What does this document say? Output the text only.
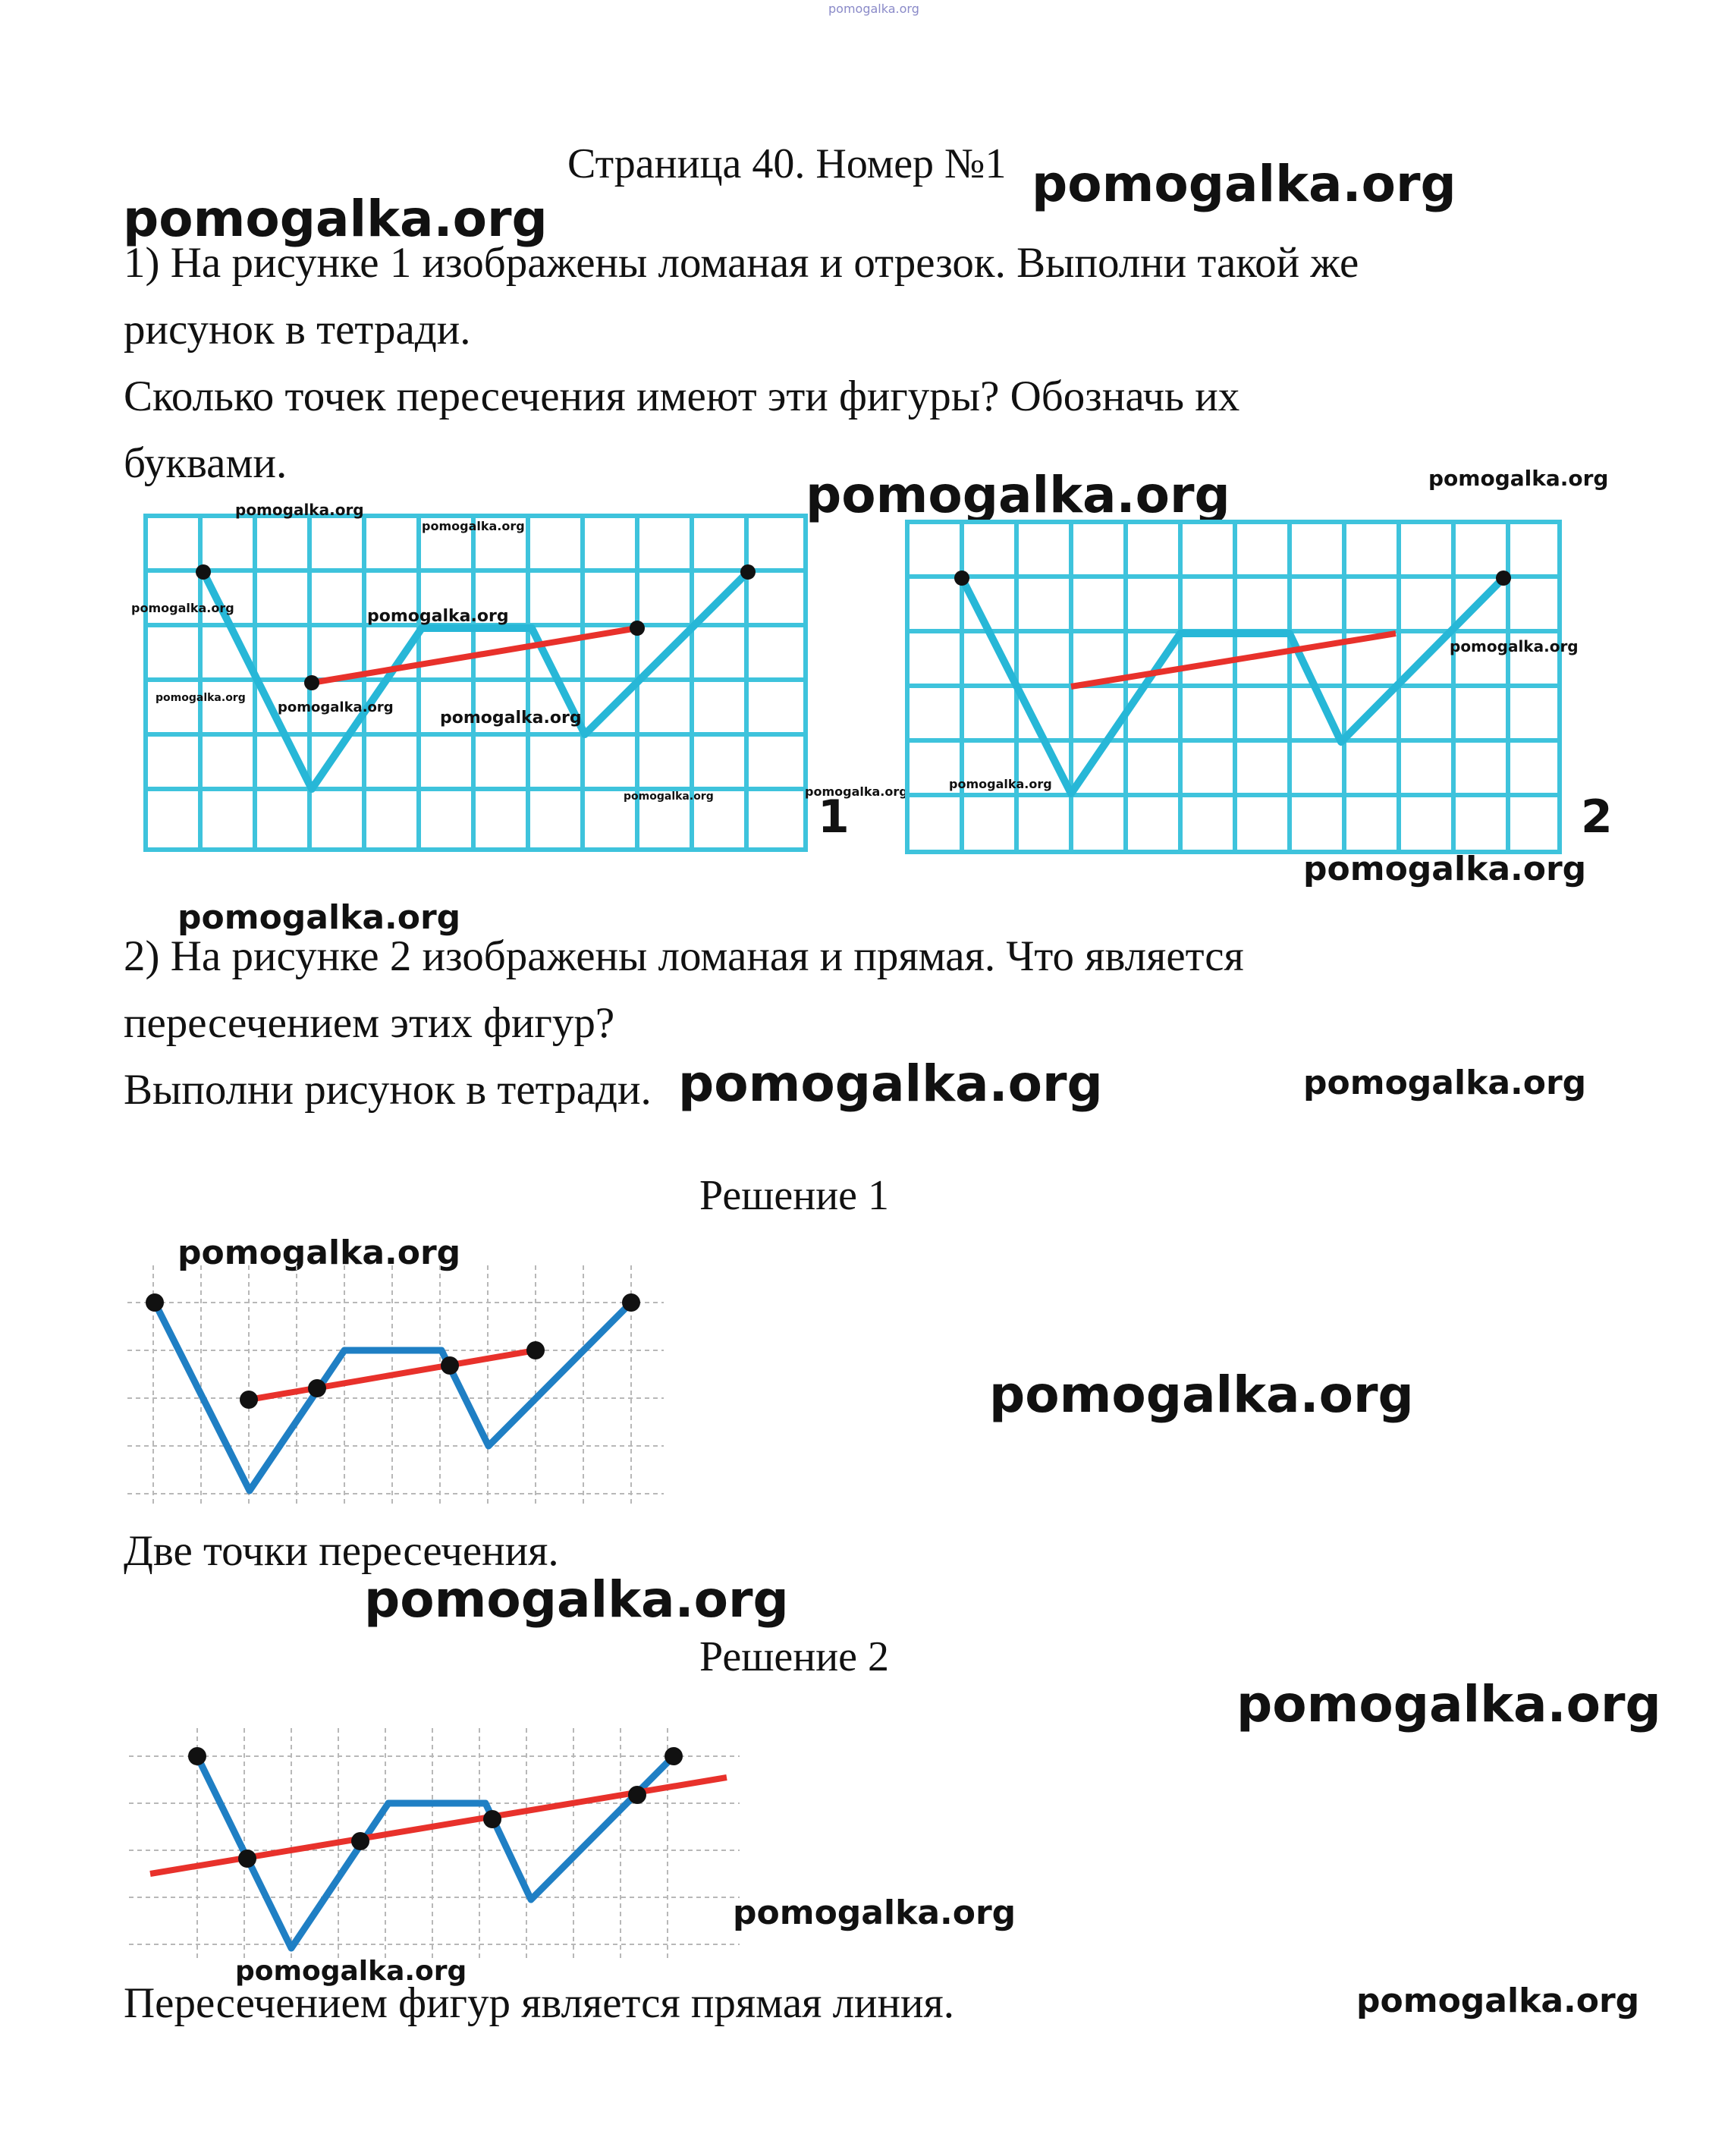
pomogalka.org
Страница 40. Номер №1 pomogalka.org
pomogalka.org
1) На рисунке 1 изображены ломаная и отрезок. Выполни такой же
рисунок в тетради.
Сколько точек пересечения имеют эти фигуры? Обозначь их
буквами.
pomogalka.org	pomogalka.org
1
pomogalka.org
pomogalka.org
pomogalka.org	pomogalka.org
pomogalka.org
pomogalka.org
pomogalka.org
pomogalka.org	pomogalka.org	2
pomogalka.org
pomogalka.org
pomogalka.org
pomogalka.org
2) На рисунке 2 изображены ломаная и прямая. Что является
пересечением этих фигур?
Выполни рисунок в тетради. pomogalka.org	pomogalka.org
Решение 1
pomogalka.org
pomogalka.org
Две точки пересечения.
pomogalka.org
Решение 2
pomogalka.org
pomogalka.org
pomogalka.org
Пересечением фигур является прямая линия.	pomogalka.org
